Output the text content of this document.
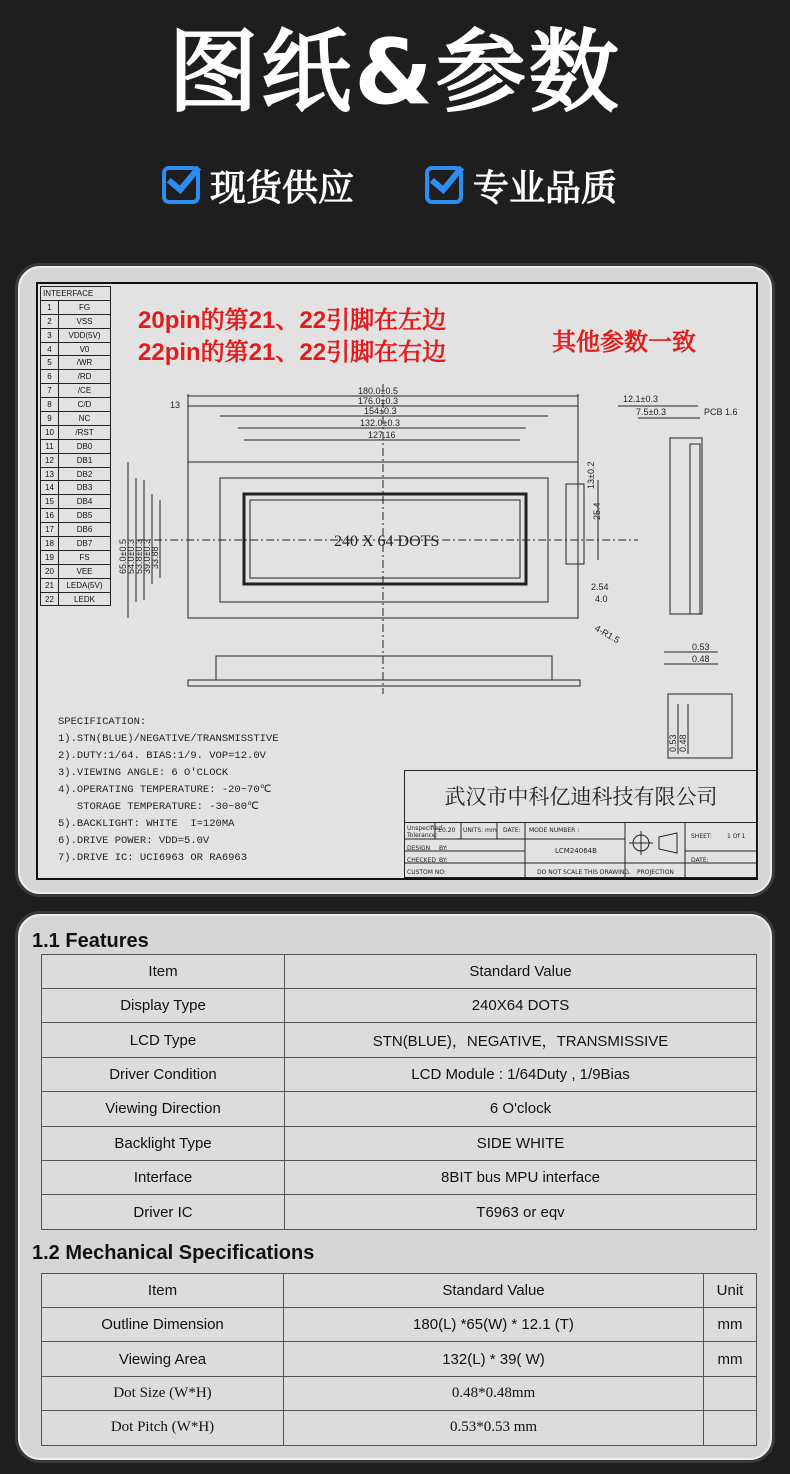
图纸&参数
现货供应	专业品质
INTEERFACE	
1	FG
2	VSS
3	VDD(5V)
4	V0
5	/WR
6	/RD
7	/CE
8	C/D
9	NC
10	/RST
11	DB0
12	DB1
13	DB2
14	DB3
15	DB4
16	DB5
17	DB6
18	DB7
19	FS
20	VEE
21	LEDA(5V)
22	LEDK
20pin的第21、22引脚在左边
22pin的第21、22引脚在右边	其他参数一致
180.0±0.5
176.0±0.3
154±0.3
132.0±0.3
127.16
13
12.1±0.3
7.5±0.3	PCB 1.6
2.54
4.0
4-R1.5
0.53
0.48
0.53 0.48
25.4
13±0.2
65.0±0.5
54.0±0.3
53.8±0.3
39.0±0.3
33.88
240 X 64 DOTS
SPECIFICATION:
1).STN(BLUE)/NEGATIVE/TRANSMISSTIVE
2).DUTY:1/64. BIAS:1/9. VOP=12.0V
3).VIEWING ANGLE: 6 O'CLOCK
4).OPERATING TEMPERATURE: -20~70℃
STORAGE TEMPERATURE: -30~80℃
5).BACKLIGHT: WHITE  I=120MA
6).DRIVE POWER: VDD=5.0V
7).DRIVE IC: UCI6963 OR RA6963
武汉市中科亿迪科技有限公司
Unspecified Tolerance:
±0.20 UNITS: mm DATE: MODE NUMBER :
LCM24064B
SHEET:	1 Of 1
DESIGN BY:
CHECKED BY:
CUSTOM NO:	DO NOT SCALE THIS DRAWING. PROJECTION
DATE:
1.1 Features
Item	Standard Value
Display Type	240X64 DOTS
LCD Type	STN(BLUE)，NEGATIVE，TRANSMISSIVE
Driver Condition	LCD Module : 1/64Duty , 1/9Bias
Viewing Direction	6 O'clock
Backlight Type	SIDE WHITE
Interface	8BIT bus MPU interface
Driver IC	T6963 or eqv
1.2 Mechanical Specifications
Item	Standard Value	Unit
Outline Dimension	180(L) *65(W) * 12.1 (T)	mm
Viewing Area	132(L) * 39( W)	mm
Dot Size (W*H)	0.48*0.48mm	
Dot Pitch (W*H)	0.53*0.53 mm	
